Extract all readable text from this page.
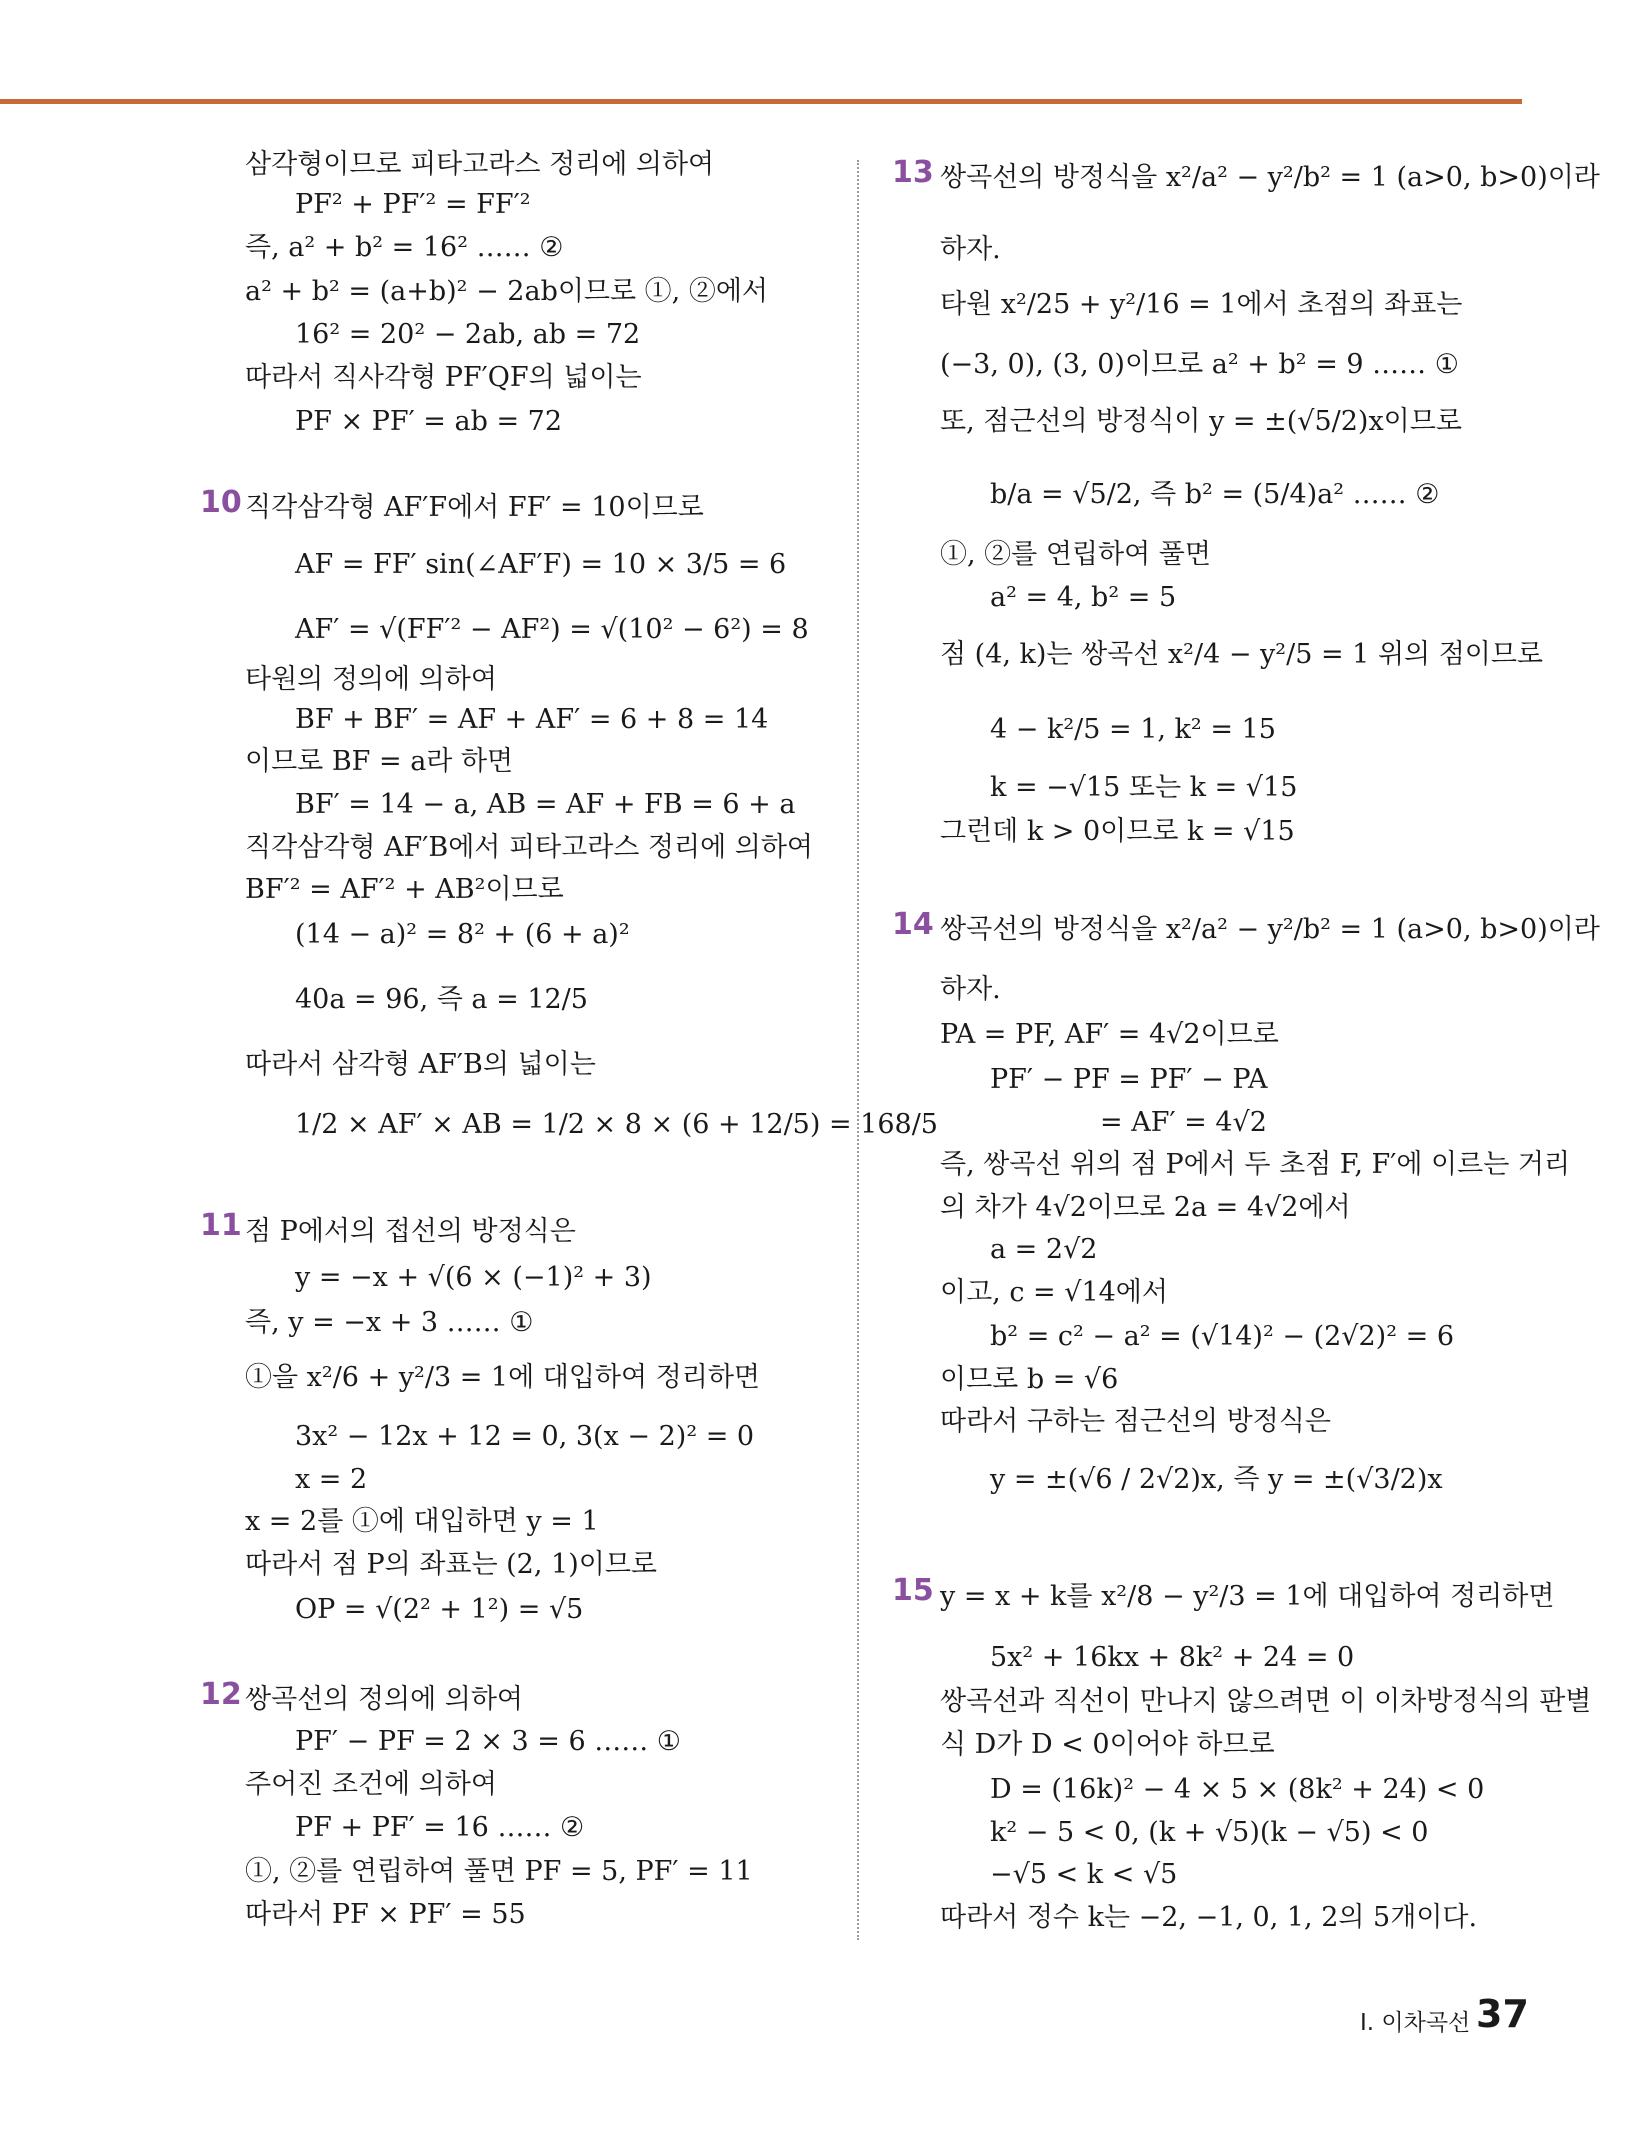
삼각형이므로 피타고라스 정리에 의하여
PF² + PF′² = FF′²
즉, a² + b² = 16² …… ②
a² + b² = (a+b)² − 2ab이므로 ①, ②에서
16² = 20² − 2ab, ab = 72
따라서 직사각형 PF′QF의 넓이는
PF × PF′ = ab = 72
직각삼각형 AF′F에서 FF′ = 10이므로
AF = FF′ sin(∠AF′F) = 10 × 3/5 = 6
AF′ = √(FF′² − AF²) = √(10² − 6²) = 8
타원의 정의에 의하여
BF + BF′ = AF + AF′ = 6 + 8 = 14
이므로 BF = a라 하면
BF′ = 14 − a, AB = AF + FB = 6 + a
직각삼각형 AF′B에서 피타고라스 정리에 의하여
BF′² = AF′² + AB²이므로
(14 − a)² = 8² + (6 + a)²
40a = 96, 즉 a = 12/5
따라서 삼각형 AF′B의 넓이는
1/2 × AF′ × AB = 1/2 × 8 × (6 + 12/5) = 168/5
점 P에서의 접선의 방정식은
y = −x + √(6 × (−1)² + 3)
즉, y = −x + 3 …… ①
①을 x²/6 + y²/3 = 1에 대입하여 정리하면
3x² − 12x + 12 = 0, 3(x − 2)² = 0
x = 2
x = 2를 ①에 대입하면 y = 1
따라서 점 P의 좌표는 (2, 1)이므로
OP = √(2² + 1²) = √5
쌍곡선의 정의에 의하여
PF′ − PF = 2 × 3 = 6 …… ①
주어진 조건에 의하여
PF + PF′ = 16 …… ②
①, ②를 연립하여 풀면 PF = 5, PF′ = 11
따라서 PF × PF′ = 55
쌍곡선의 방정식을 x²/a² − y²/b² = 1 (a>0, b>0)이라
하자.
타원 x²/25 + y²/16 = 1에서 초점의 좌표는
(−3, 0), (3, 0)이므로 a² + b² = 9 …… ①
또, 점근선의 방정식이 y = ±(√5/2)x이므로
b/a = √5/2, 즉 b² = (5/4)a² …… ②
①, ②를 연립하여 풀면
a² = 4, b² = 5
점 (4, k)는 쌍곡선 x²/4 − y²/5 = 1 위의 점이므로
4 − k²/5 = 1, k² = 15
k = −√15 또는 k = √15
그런데 k > 0이므로 k = √15
쌍곡선의 방정식을 x²/a² − y²/b² = 1 (a>0, b>0)이라
하자.
PA = PF, AF′ = 4√2이므로
PF′ − PF = PF′ − PA
= AF′ = 4√2
즉, 쌍곡선 위의 점 P에서 두 초점 F, F′에 이르는 거리
의 차가 4√2이므로 2a = 4√2에서
a = 2√2
이고, c = √14에서
b² = c² − a² = (√14)² − (2√2)² = 6
이므로 b = √6
따라서 구하는 점근선의 방정식은
y = ±(√6 / 2√2)x, 즉 y = ±(√3/2)x
y = x + k를 x²/8 − y²/3 = 1에 대입하여 정리하면
5x² + 16kx + 8k² + 24 = 0
쌍곡선과 직선이 만나지 않으려면 이 이차방정식의 판별
식 D가 D < 0이어야 하므로
D = (16k)² − 4 × 5 × (8k² + 24) < 0
k² − 5 < 0, (k + √5)(k − √5) < 0
−√5 < k < √5
따라서 정수 k는 −2, −1, 0, 1, 2의 5개이다.
10
11
12
13
14
15
I. 이차곡선 37
